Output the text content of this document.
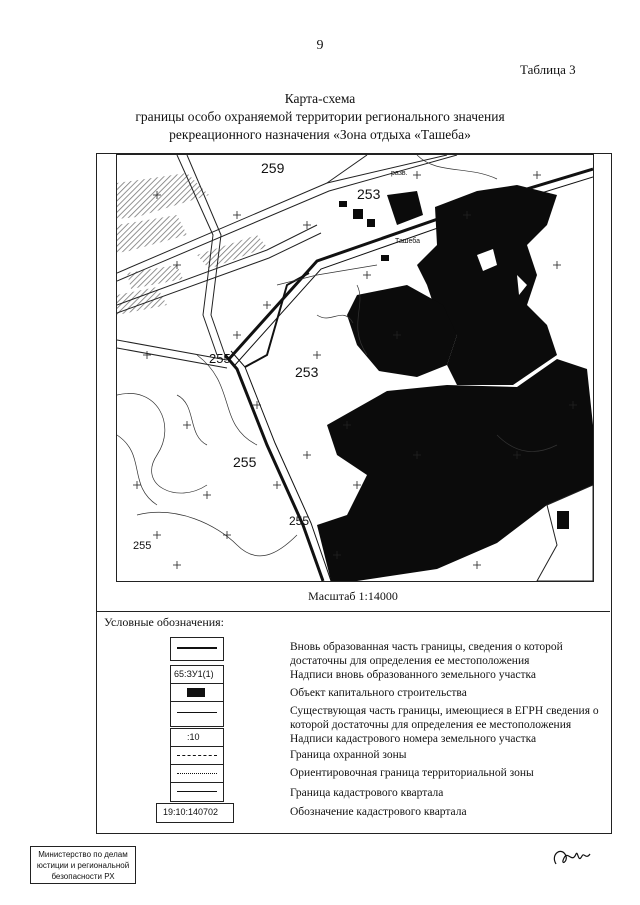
9
Таблица 3
Карта-схема
границы особо охраняемой территории регионального значения
рекреационного назначения «Зона отдыха «Ташеба»
259
253
253
255
255
255
255
разв.
Ташеба
Масштаб 1:14000
Условные обозначения:
65:ЗУ1(1)
:10
19:10:140702
Вновь образованная часть границы, сведения о которой достаточны для определения ее местоположения
Надписи вновь образованного земельного участка
Объект капитального строительства
Существующая часть границы, имеющиеся в ЕГРН сведения о которой достаточны для определения ее местоположения
Надписи кадастрового номера земельного участка
Граница охранной зоны
Ориентировочная граница территориальной зоны
Граница кадастрового квартала
Обозначение кадастрового квартала
Министерство по делам
юстиции и региональной
безопасности РХ
